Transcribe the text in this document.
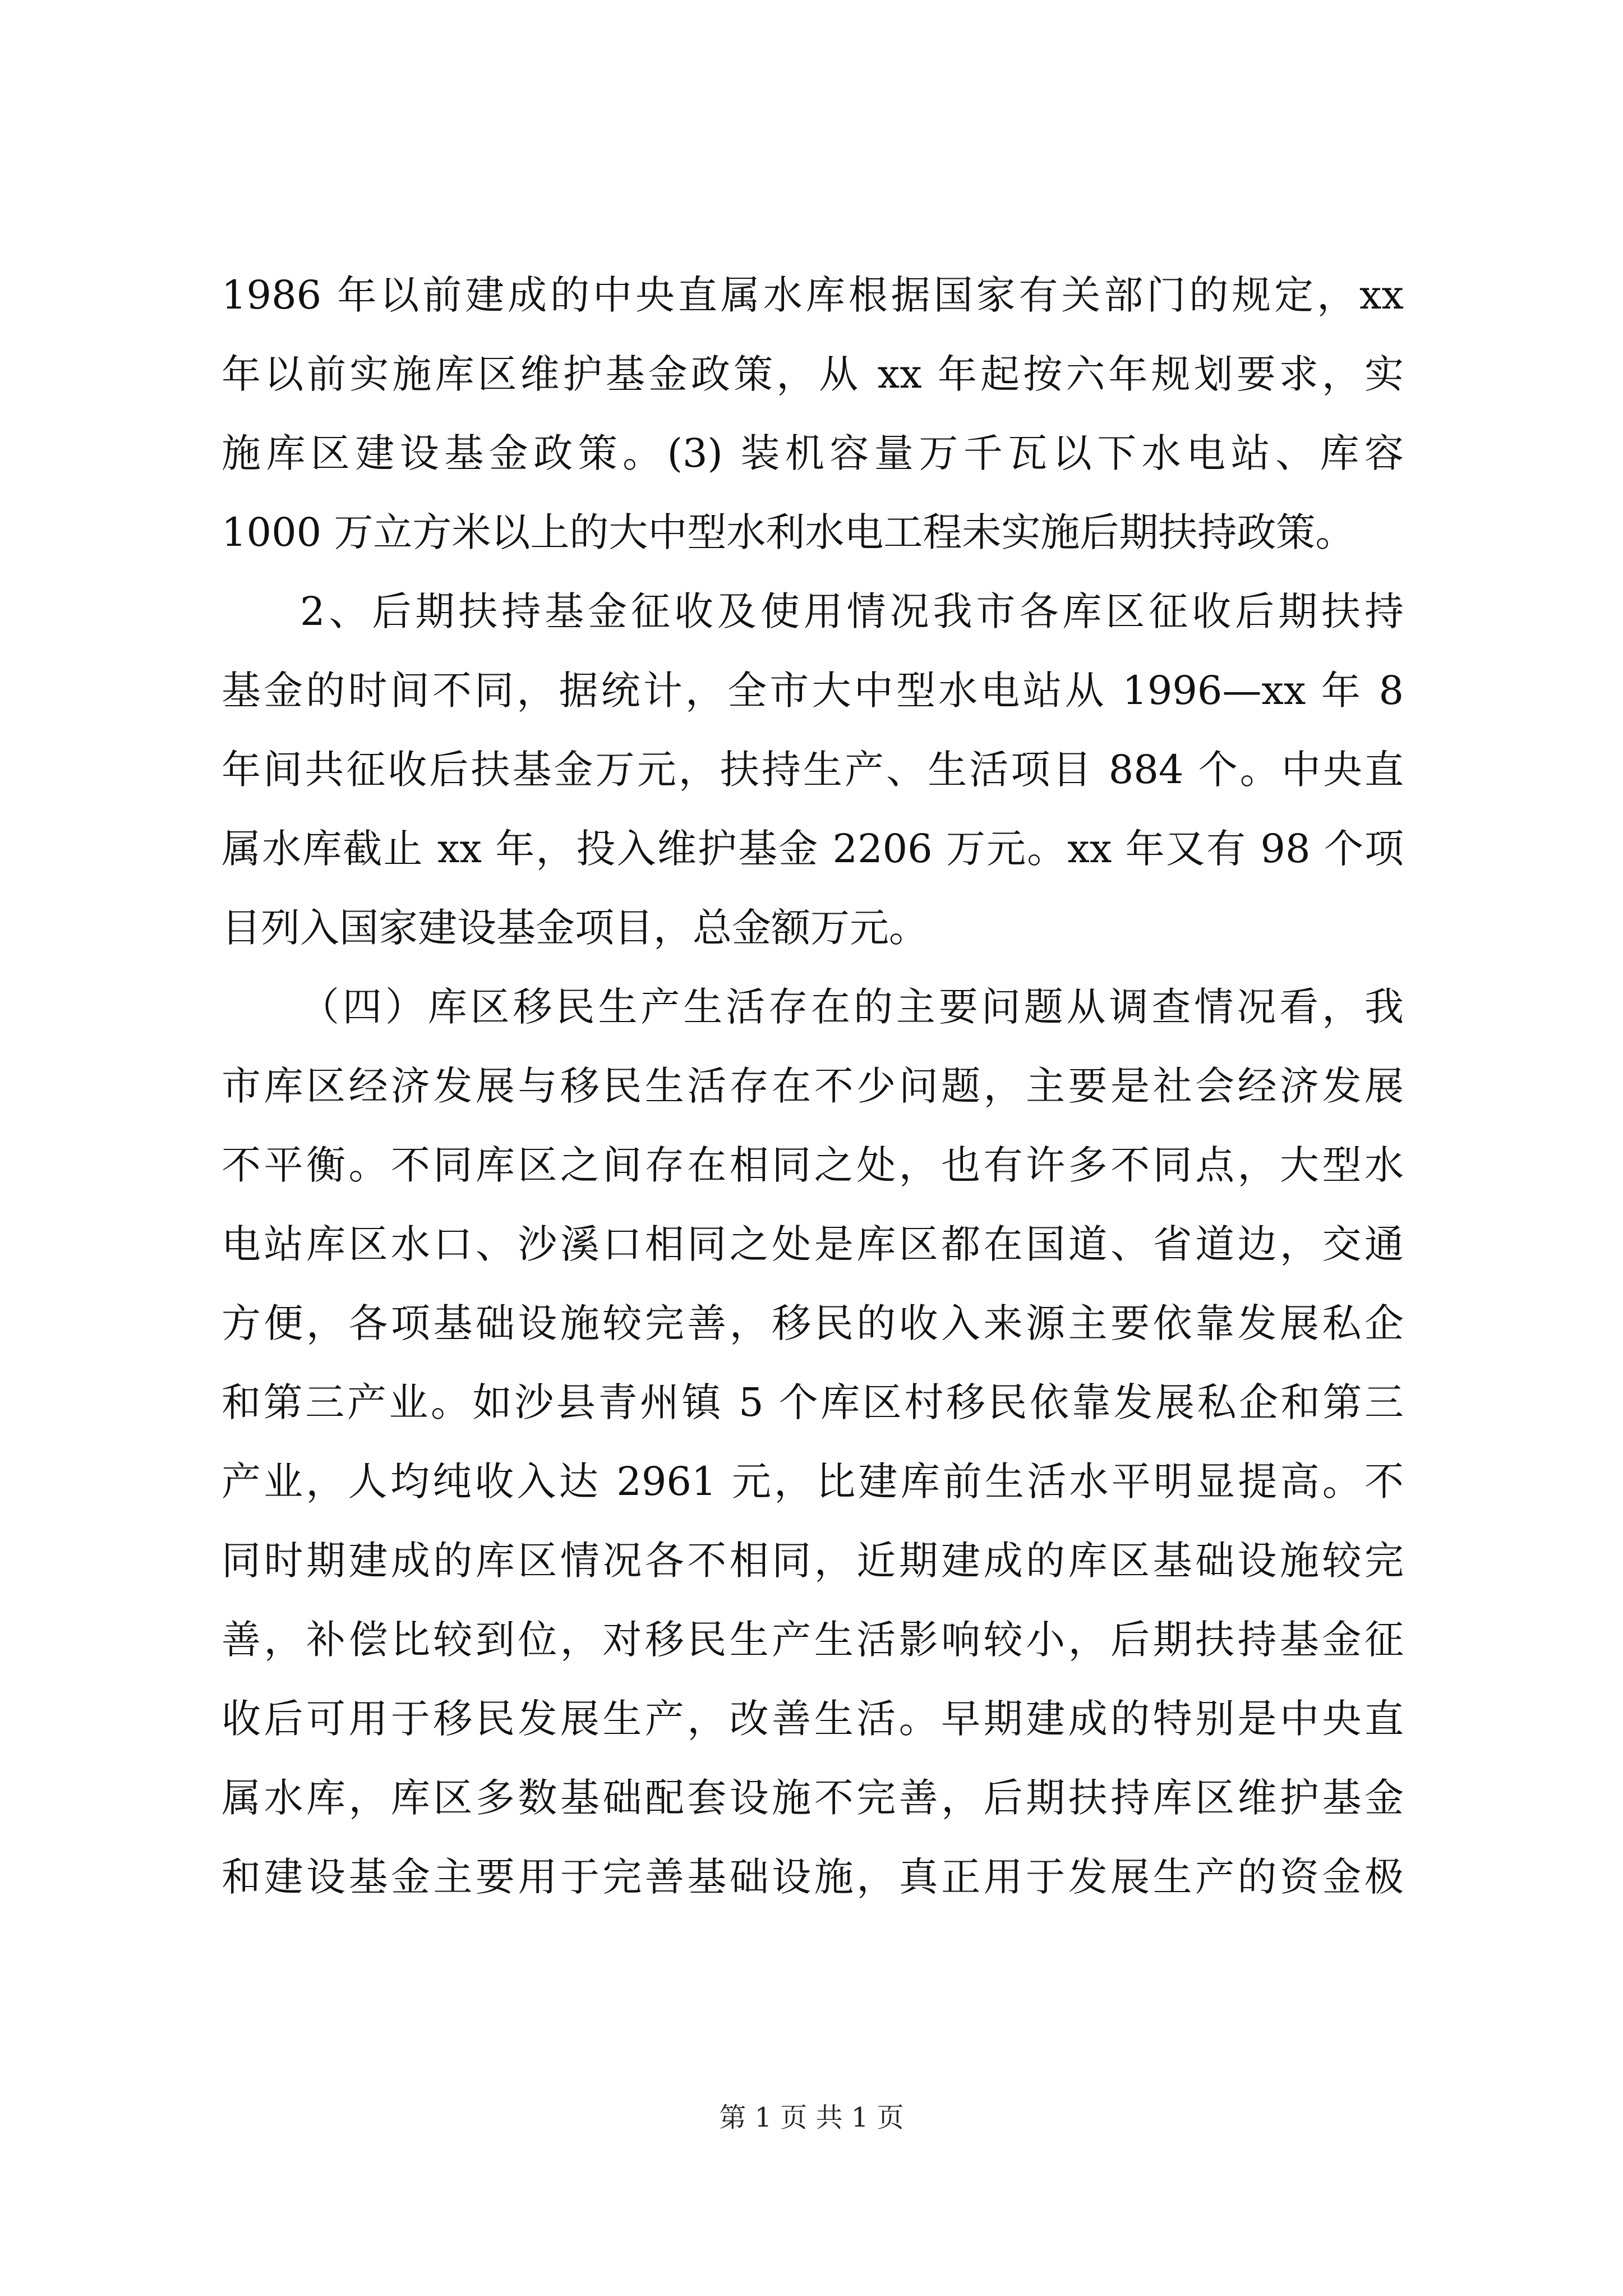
1986 年以前建成的中央直属水库根据国家有关部门的规定，xx
年以前实施库区维护基金政策，从 xx 年起按六年规划要求，实
施库区建设基金政策。(3) 装机容量万千瓦以下水电站、库容
1000 万立方米以上的大中型水利水电工程未实施后期扶持政策。
2、后期扶持基金征收及使用情况我市各库区征收后期扶持
基金的时间不同，据统计，全市大中型水电站从 1996—xx 年 8
年间共征收后扶基金万元，扶持生产、生活项目 884 个。中央直
属水库截止 xx 年，投入维护基金 2206 万元。xx 年又有 98 个项
目列入国家建设基金项目，总金额万元。
（四）库区移民生产生活存在的主要问题从调查情况看，我
市库区经济发展与移民生活存在不少问题，主要是社会经济发展
不平衡。不同库区之间存在相同之处，也有许多不同点，大型水
电站库区水口、沙溪口相同之处是库区都在国道、省道边，交通
方便，各项基础设施较完善，移民的收入来源主要依靠发展私企
和第三产业。如沙县青州镇 5 个库区村移民依靠发展私企和第三
产业，人均纯收入达 2961 元，比建库前生活水平明显提高。不
同时期建成的库区情况各不相同，近期建成的库区基础设施较完
善，补偿比较到位，对移民生产生活影响较小，后期扶持基金征
收后可用于移民发展生产，改善生活。早期建成的特别是中央直
属水库，库区多数基础配套设施不完善，后期扶持库区维护基金
和建设基金主要用于完善基础设施，真正用于发展生产的资金极
第 1 页 共 1 页
